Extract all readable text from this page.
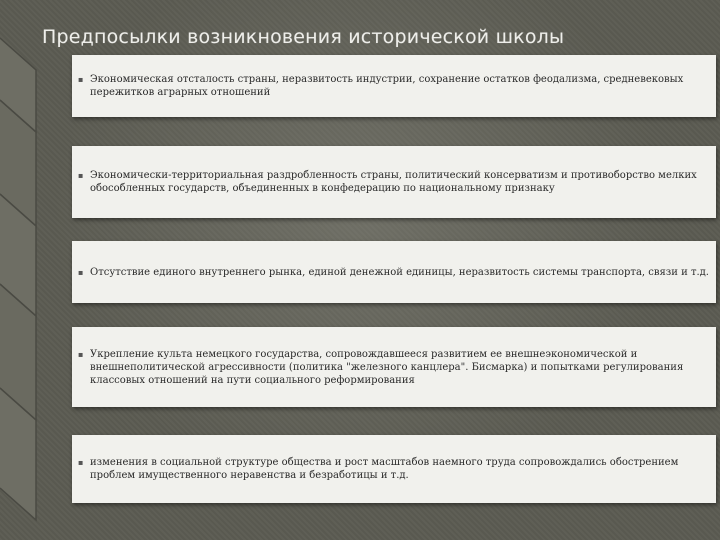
Предпосылки возникновения исторической школы

▪ Экономическая отсталость страны, неразвитость индустрии, сохранение остатков феодализма, средневековых пережитков аграрных отношений

▪ Экономически-территориальная раздробленность страны, политический консерватизм и противоборство мелких обособленных государств, объединенных в конфедерацию по национальному признаку

▪ Отсутствие единого внутреннего рынка, единой денежной единицы, неразвитость системы транспорта, связи и т.д.

▪ Укрепление культа немецкого государства, сопровождавшееся развитием ее внешнеэкономической и внешнеполитической агрессивности (политика "железного канцлера". Бисмарка) и попытками регулирования классовых отношений на пути социального реформирования

▪ изменения в социальной структуре общества и рост масштабов наемного труда сопровождались обострением проблем имущественного неравенства и безработицы и т.д.
